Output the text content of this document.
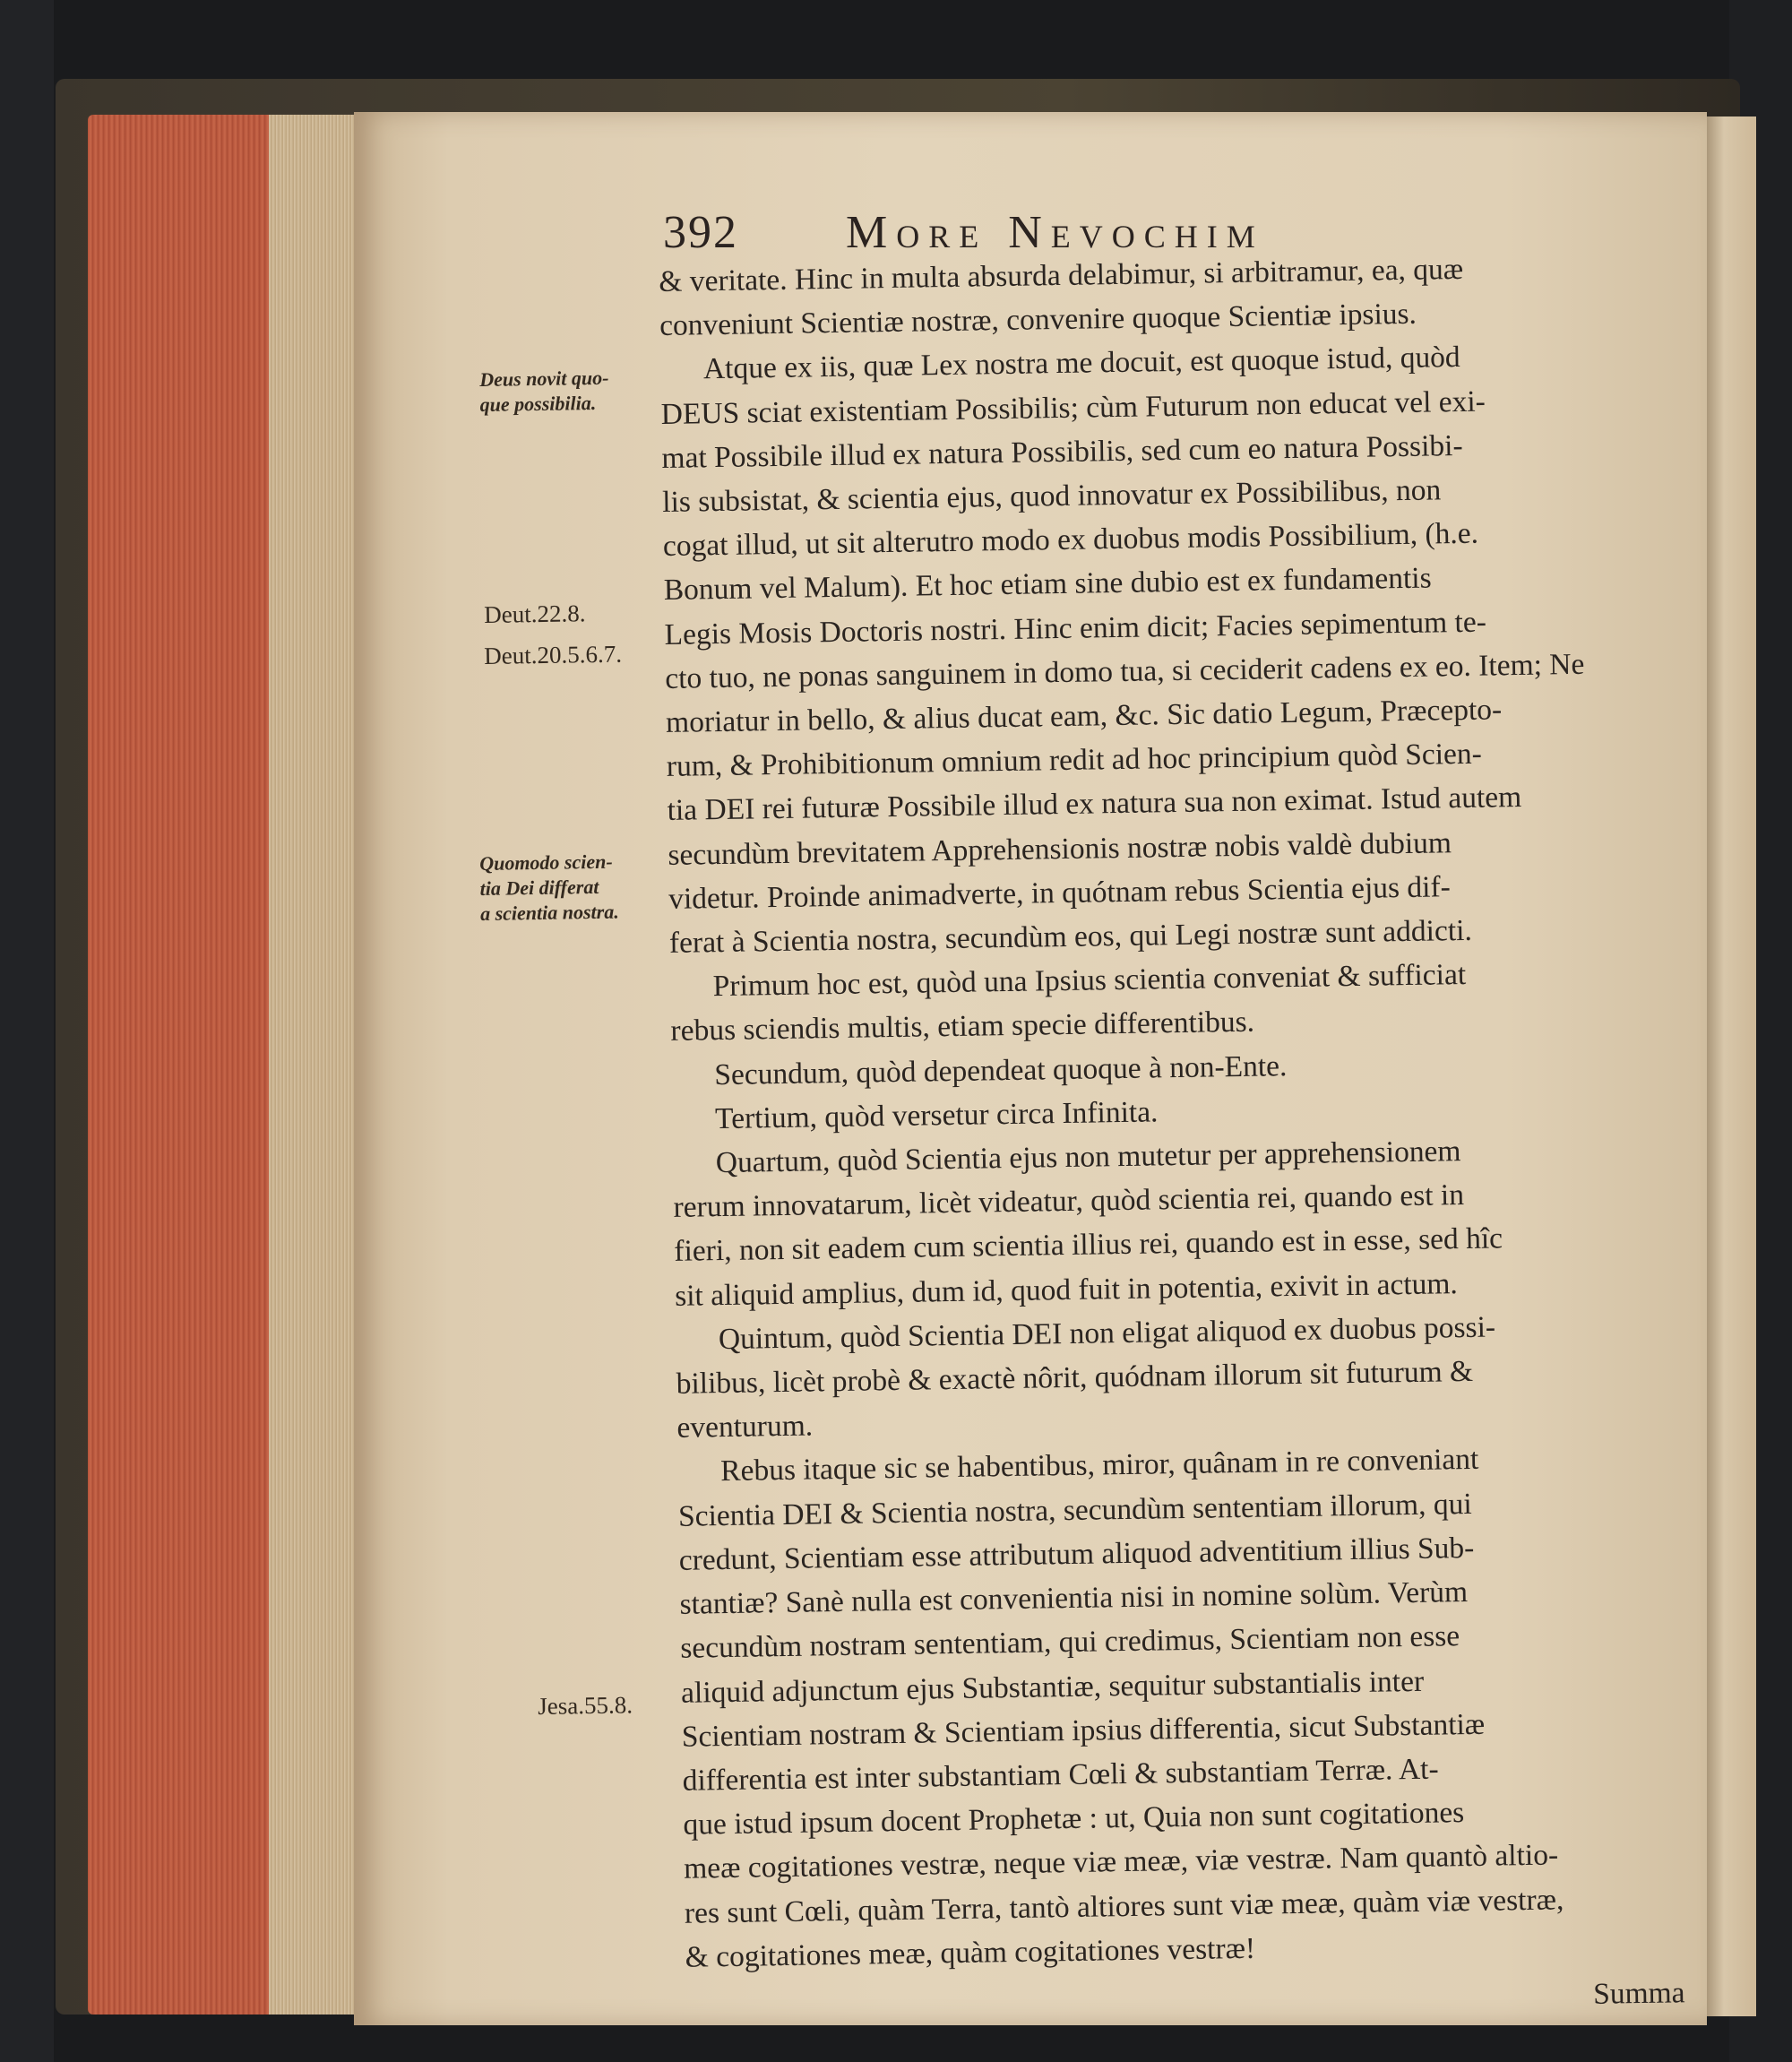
392 More Nevochim
Deus novit quo-
que possibilia.
Deut.22.8.
Deut.20.5.6.7.
Quomodo scien-
tia Dei differat
a scientia nostra.
Jesa.55.8.
& veritate. Hinc in multa absurda delabimur, si arbitramur, ea, quæ
conveniunt Scientiæ nostræ, convenire quoque Scientiæ ipsius.
Atque ex iis, quæ Lex nostra me docuit, est quoque istud, quòd
DEUS sciat existentiam Possibilis; cùm Futurum non educat vel exi-
mat Possibile illud ex natura Possibilis, sed cum eo natura Possibi-
lis subsistat, & scientia ejus, quod innovatur ex Possibilibus, non
cogat illud, ut sit alterutro modo ex duobus modis Possibilium, (h.e.
Bonum vel Malum). Et hoc etiam sine dubio est ex fundamentis
Legis Mosis Doctoris nostri. Hinc enim dicit; Facies sepimentum te-
cto tuo, ne ponas sanguinem in domo tua, si ceciderit cadens ex eo. Item; Ne
moriatur in bello, & alius ducat eam, &c. Sic datio Legum, Præcepto-
rum, & Prohibitionum omnium redit ad hoc principium quòd Scien-
tia DEI rei futuræ Possibile illud ex natura sua non eximat. Istud autem
secundùm brevitatem Apprehensionis nostræ nobis valdè dubium
videtur. Proinde animadverte, in quótnam rebus Scientia ejus dif-
ferat à Scientia nostra, secundùm eos, qui Legi nostræ sunt addicti.
Primum hoc est, quòd una Ipsius scientia conveniat & sufficiat
rebus sciendis multis, etiam specie differentibus.
Secundum, quòd dependeat quoque à non-Ente.
Tertium, quòd versetur circa Infinita.
Quartum, quòd Scientia ejus non mutetur per apprehensionem
rerum innovatarum, licèt videatur, quòd scientia rei, quando est in
fieri, non sit eadem cum scientia illius rei, quando est in esse, sed hîc
sit aliquid amplius, dum id, quod fuit in potentia, exivit in actum.
Quintum, quòd Scientia DEI non eligat aliquod ex duobus possi-
bilibus, licèt probè & exactè nôrit, quódnam illorum sit futurum &
eventurum.
Rebus itaque sic se habentibus, miror, quânam in re conveniant
Scientia DEI & Scientia nostra, secundùm sententiam illorum, qui
credunt, Scientiam esse attributum aliquod adventitium illius Sub-
stantiæ? Sanè nulla est convenientia nisi in nomine solùm. Verùm
secundùm nostram sententiam, qui credimus, Scientiam non esse
aliquid adjunctum ejus Substantiæ, sequitur substantialis inter
Scientiam nostram & Scientiam ipsius differentia, sicut Substantiæ
differentia est inter substantiam Cœli & substantiam Terræ. At-
que istud ipsum docent Prophetæ : ut, Quia non sunt cogitationes
meæ cogitationes vestræ, neque viæ meæ, viæ vestræ. Nam quantò altio-
res sunt Cœli, quàm Terra, tantò altiores sunt viæ meæ, quàm viæ vestræ,
& cogitationes meæ, quàm cogitationes vestræ!
Summa
